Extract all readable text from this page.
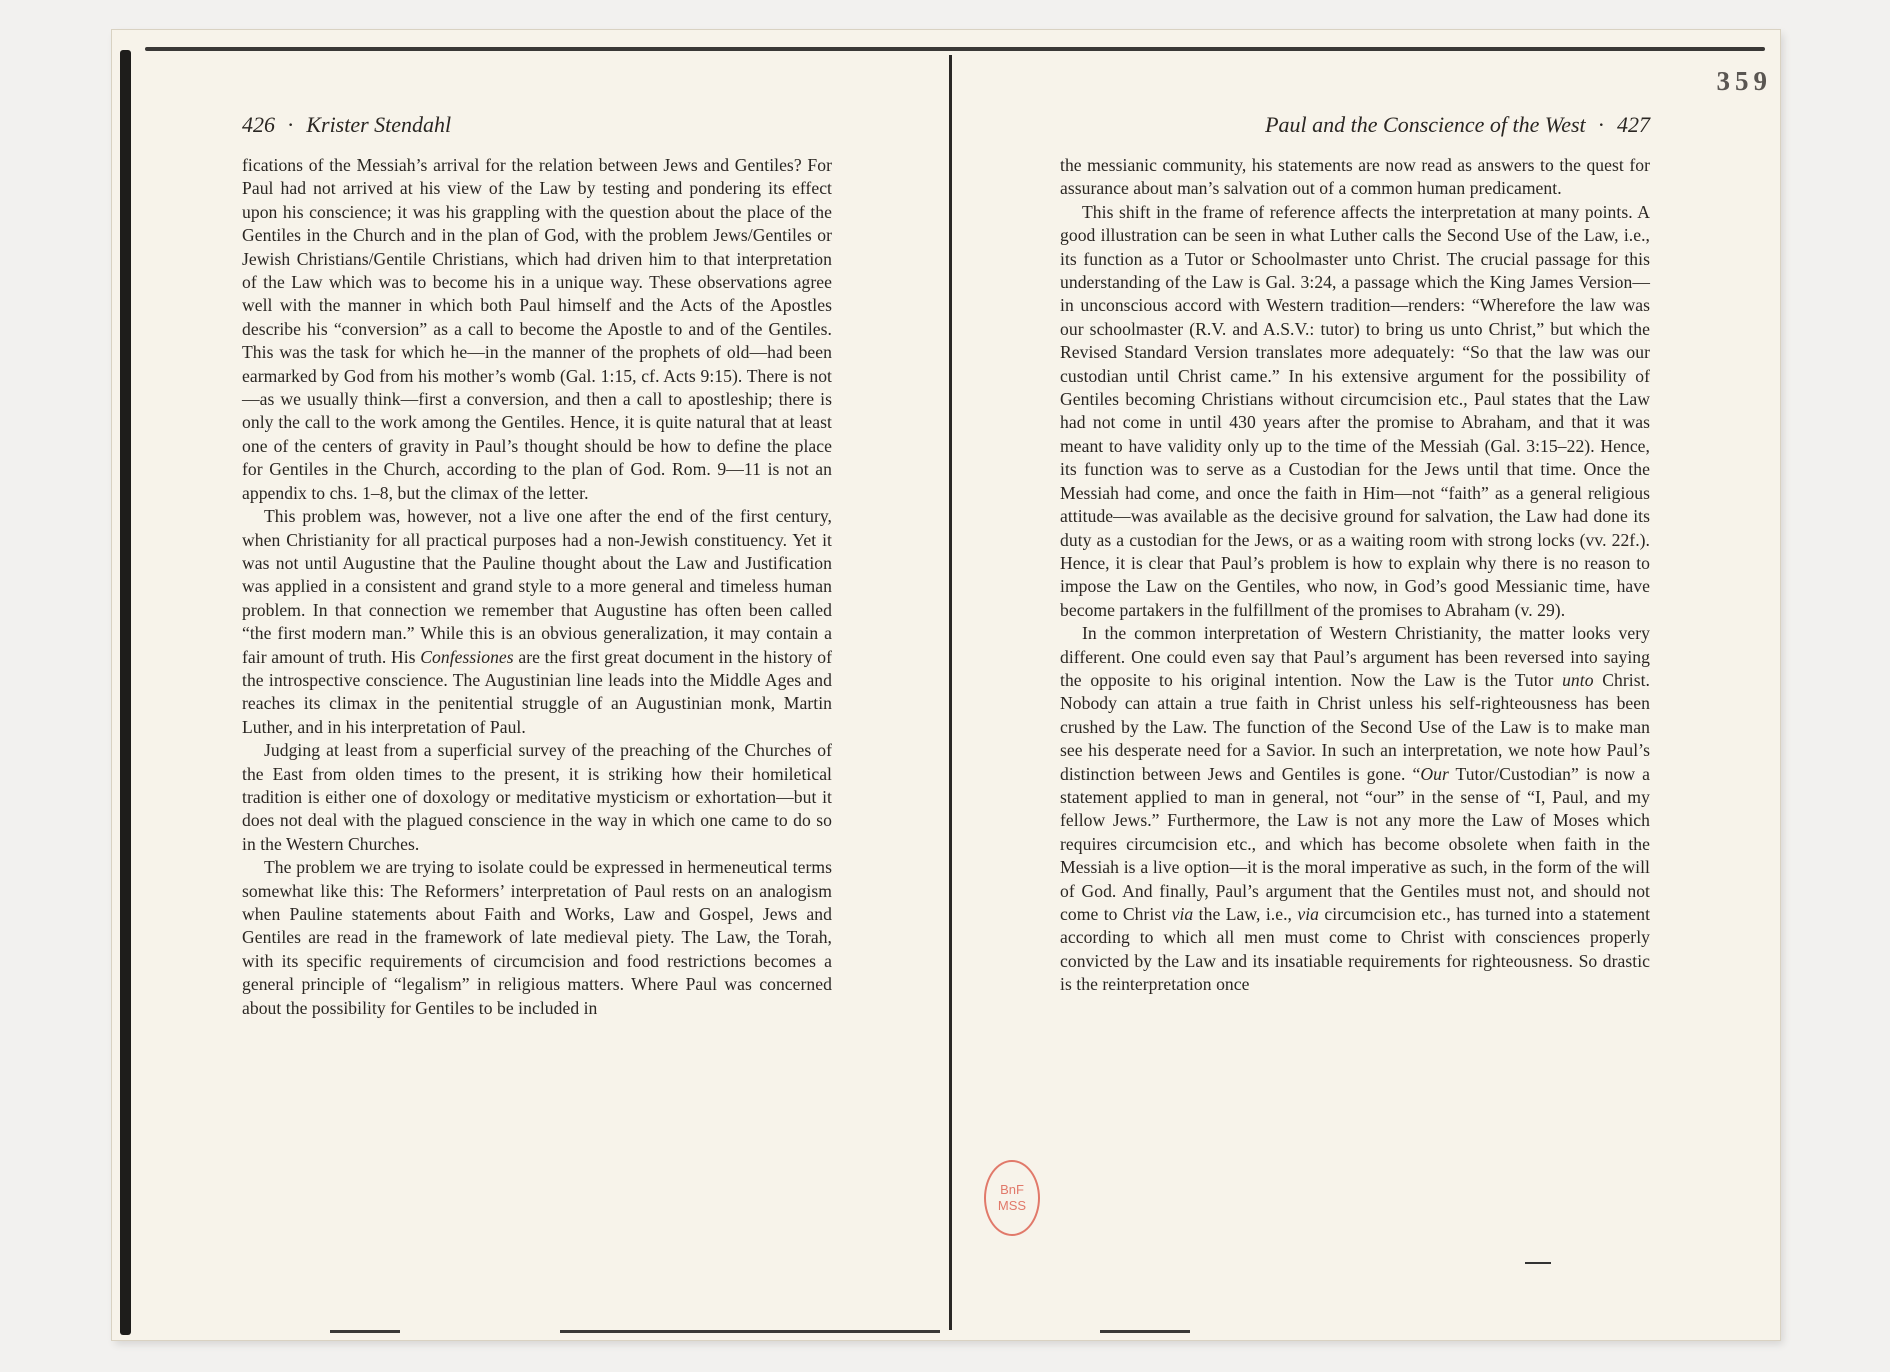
359
426 · Krister Stendahl

fications of the Messiah’s arrival for the relation between Jews and Gentiles? For Paul had not arrived at his view of the Law by testing and pondering its effect upon his conscience; it was his grappling with the question about the place of the Gentiles in the Church and in the plan of God, with the problem Jews/Gentiles or Jewish Christians/Gentile Christians, which had driven him to that interpretation of the Law which was to become his in a unique way. These observations agree well with the manner in which both Paul himself and the Acts of the Apostles describe his “conversion” as a call to become the Apostle to and of the Gentiles. This was the task for which he—in the manner of the prophets of old—had been earmarked by God from his mother’s womb (Gal. 1:15, cf. Acts 9:15). There is not—as we usually think—first a conversion, and then a call to apostleship; there is only the call to the work among the Gentiles. Hence, it is quite natural that at least one of the centers of gravity in Paul’s thought should be how to define the place for Gentiles in the Church, according to the plan of God. Rom. 9—11 is not an appendix to chs. 1–8, but the climax of the letter.

This problem was, however, not a live one after the end of the first century, when Christianity for all practical purposes had a non-Jewish constituency. Yet it was not until Augustine that the Pauline thought about the Law and Justification was applied in a consistent and grand style to a more general and timeless human problem. In that connection we remember that Augustine has often been called “the first modern man.” While this is an obvious generalization, it may contain a fair amount of truth. His Confessiones are the first great document in the history of the introspective conscience. The Augustinian line leads into the Middle Ages and reaches its climax in the penitential struggle of an Augustinian monk, Martin Luther, and in his interpretation of Paul.

Judging at least from a superficial survey of the preaching of the Churches of the East from olden times to the present, it is striking how their homiletical tradition is either one of doxology or meditative mysticism or exhortation—but it does not deal with the plagued conscience in the way in which one came to do so in the Western Churches.

The problem we are trying to isolate could be expressed in hermeneutical terms somewhat like this: The Reformers’ interpretation of Paul rests on an analogism when Pauline statements about Faith and Works, Law and Gospel, Jews and Gentiles are read in the framework of late medieval piety. The Law, the Torah, with its specific requirements of circumcision and food restrictions becomes a general principle of “legalism” in religious matters. Where Paul was concerned about the possibility for Gentiles to be included in

Paul and the Conscience of the West · 427

the messianic community, his statements are now read as answers to the quest for assurance about man’s salvation out of a common human predicament.

This shift in the frame of reference affects the interpretation at many points. A good illustration can be seen in what Luther calls the Second Use of the Law, i.e., its function as a Tutor or Schoolmaster unto Christ. The crucial passage for this understanding of the Law is Gal. 3:24, a passage which the King James Version—in unconscious accord with Western tradition—renders: “Wherefore the law was our schoolmaster (R.V. and A.S.V.: tutor) to bring us unto Christ,” but which the Revised Standard Version translates more adequately: “So that the law was our custodian until Christ came.” In his extensive argument for the possibility of Gentiles becoming Christians without circumcision etc., Paul states that the Law had not come in until 430 years after the promise to Abraham, and that it was meant to have validity only up to the time of the Messiah (Gal. 3:15–22). Hence, its function was to serve as a Custodian for the Jews until that time. Once the Messiah had come, and once the faith in Him—not “faith” as a general religious attitude—was available as the decisive ground for salvation, the Law had done its duty as a custodian for the Jews, or as a waiting room with strong locks (vv. 22f.). Hence, it is clear that Paul’s problem is how to explain why there is no reason to impose the Law on the Gentiles, who now, in God’s good Messianic time, have become partakers in the fulfillment of the promises to Abraham (v. 29).

In the common interpretation of Western Christianity, the matter looks very different. One could even say that Paul’s argument has been reversed into saying the opposite to his original intention. Now the Law is the Tutor unto Christ. Nobody can attain a true faith in Christ unless his self-righteousness has been crushed by the Law. The function of the Second Use of the Law is to make man see his desperate need for a Savior. In such an interpretation, we note how Paul’s distinction between Jews and Gentiles is gone. “Our Tutor/Custodian” is now a statement applied to man in general, not “our” in the sense of “I, Paul, and my fellow Jews.” Furthermore, the Law is not any more the Law of Moses which requires circumcision etc., and which has become obsolete when faith in the Messiah is a live option—it is the moral imperative as such, in the form of the will of God. And finally, Paul’s argument that the Gentiles must not, and should not come to Christ via the Law, i.e., via circumcision etc., has turned into a statement according to which all men must come to Christ with consciences properly convicted by the Law and its insatiable requirements for righteousness. So drastic is the reinterpretation once

BnF
MSS
